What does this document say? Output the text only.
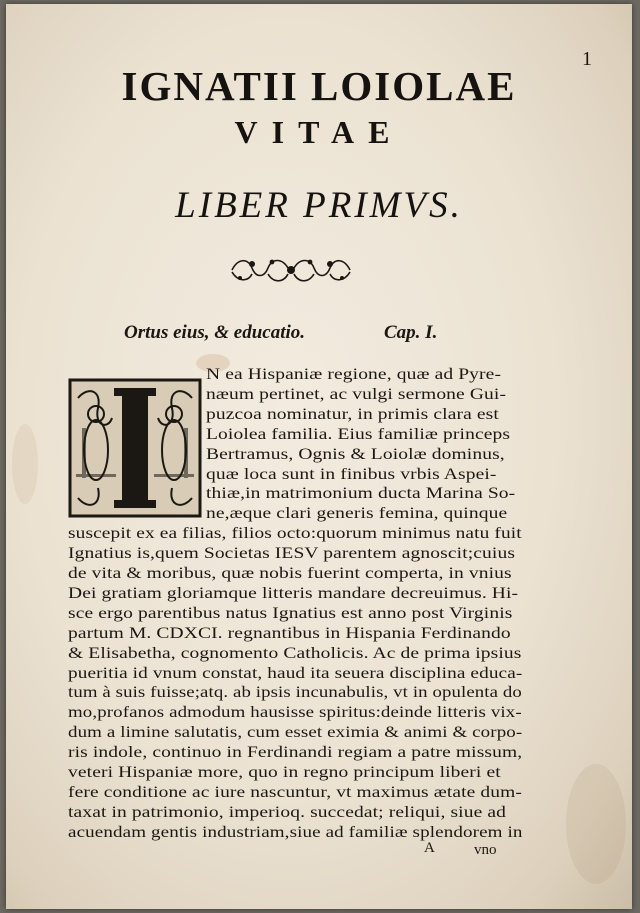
1
IGNATII LOIOLAE
VITAE
LIBER PRIMVS.
Ortus eius, & educatio.	Cap. I.
N ea Hispaniæ regione, quæ ad Pyre-
næum pertinet, ac vulgi sermone Gui-
puzcoa nominatur, in primis clara est
Loiolea familia. Eius familiæ princeps
Bertramus, Ognis & Loiolæ dominus,
quæ loca sunt in finibus vrbis Aspei-
thiæ,in matrimonium ducta Marina So-
ne,æque clari generis femina, quinque
suscepit ex ea filias, filios octo:quorum minimus natu fuit
Ignatius is,quem Societas IESV parentem agnoscit;cuius
de vita & moribus, quæ nobis fuerint comperta, in vnius
Dei gratiam gloriamque litteris mandare decreuimus. Hi-
sce ergo parentibus natus Ignatius est anno post Virginis
partum M. CDXCI. regnantibus in Hispania Ferdinando
& Elisabetha, cognomento Catholicis. Ac de prima ipsius
pueritia id vnum constat, haud ita seuera disciplina educa-
tum à suis fuisse;atq. ab ipsis incunabulis, vt in opulenta do
mo,profanos admodum hausisse spiritus:deinde litteris vix-
dum a limine salutatis, cum esset eximia & animi & corpo-
ris indole, continuo in Ferdinandi regiam a patre missum,
veteri Hispaniæ more, quo in regno principum liberi et
fere conditione ac iure nascuntur, vt maximus ætate dum-
taxat in patrimonio, imperioq. succedat; reliqui, siue ad
acuendam gentis industriam,siue ad familiæ splendorem in
A	vno
